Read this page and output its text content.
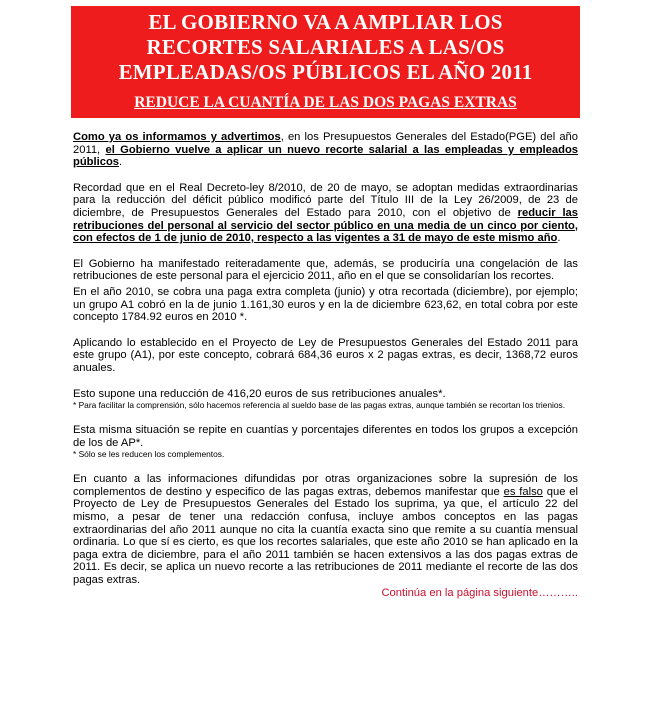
EL GOBIERNO VA A AMPLIAR LOS
RECORTES SALARIALES A LAS/OS
EMPLEADAS/OS PÚBLICOS EL AÑO 2011
REDUCE LA CUANTÍA DE LAS DOS PAGAS EXTRAS

Como ya os informamos y advertimos, en los Presupuestos Generales del Estado(PGE) del año 2011, el Gobierno vuelve a aplicar un nuevo recorte salarial a las empleadas y empleados públicos.

Recordad que en el Real Decreto-ley 8/2010, de 20 de mayo, se adoptan medidas extraordinarias para la reducción del déficit público modificó parte del Título III de la Ley 26/2009, de 23 de diciembre, de Presupuestos Generales del Estado para 2010, con el objetivo de reducir las retribuciones del personal al servicio del sector público en una media de un cinco por ciento, con efectos de 1 de junio de 2010, respecto a las vigentes a 31 de mayo de este mismo año.

El Gobierno ha manifestado reiteradamente que, además, se produciría una congelación de las retribuciones de este personal para el ejercicio 2011, año en el que se consolidarían los recortes.

En el año 2010, se cobra una paga extra completa (junio) y otra recortada (diciembre), por ejemplo; un grupo A1 cobró en la de junio 1.161,30 euros y en la de diciembre 623,62, en total cobra por este concepto 1784.92 euros en 2010 *.

Aplicando lo establecido en el Proyecto de Ley de Presupuestos Generales del Estado 2011 para este grupo (A1), por este concepto, cobrará 684,36 euros x 2 pagas extras, es decir, 1368,72 euros anuales.

Esto supone una reducción de 416,20 euros de sus retribuciones anuales*.

* Para facilitar la comprensión, sólo hacemos referencia al sueldo base de las pagas extras, aunque también se recortan los trienios.

Esta misma situación se repite en cuantías y porcentajes diferentes en todos los grupos a excepción de los de AP*.

* Sólo se les reducen los complementos.

En cuanto a las informaciones difundidas por otras organizaciones sobre la supresión de los complementos de destino y especifico de las pagas extras, debemos manifestar que es falso que el Proyecto de Ley de Presupuestos Generales del Estado los suprima, ya que, el artículo 22 del mismo, a pesar de tener una redacción confusa, incluye ambos conceptos en las pagas extraordinarias del año 2011 aunque no cita la cuantía exacta sino que remite a su cuantía mensual ordinaria. Lo que sí es cierto, es que los recortes salariales, que este año 2010 se han aplicado en la paga extra de diciembre, para el año 2011 también se hacen extensivos a las dos pagas extras de 2011. Es decir, se aplica un nuevo recorte a las retribuciones de 2011 mediante el recorte de las dos pagas extras.

Continúa en la página siguiente………..
